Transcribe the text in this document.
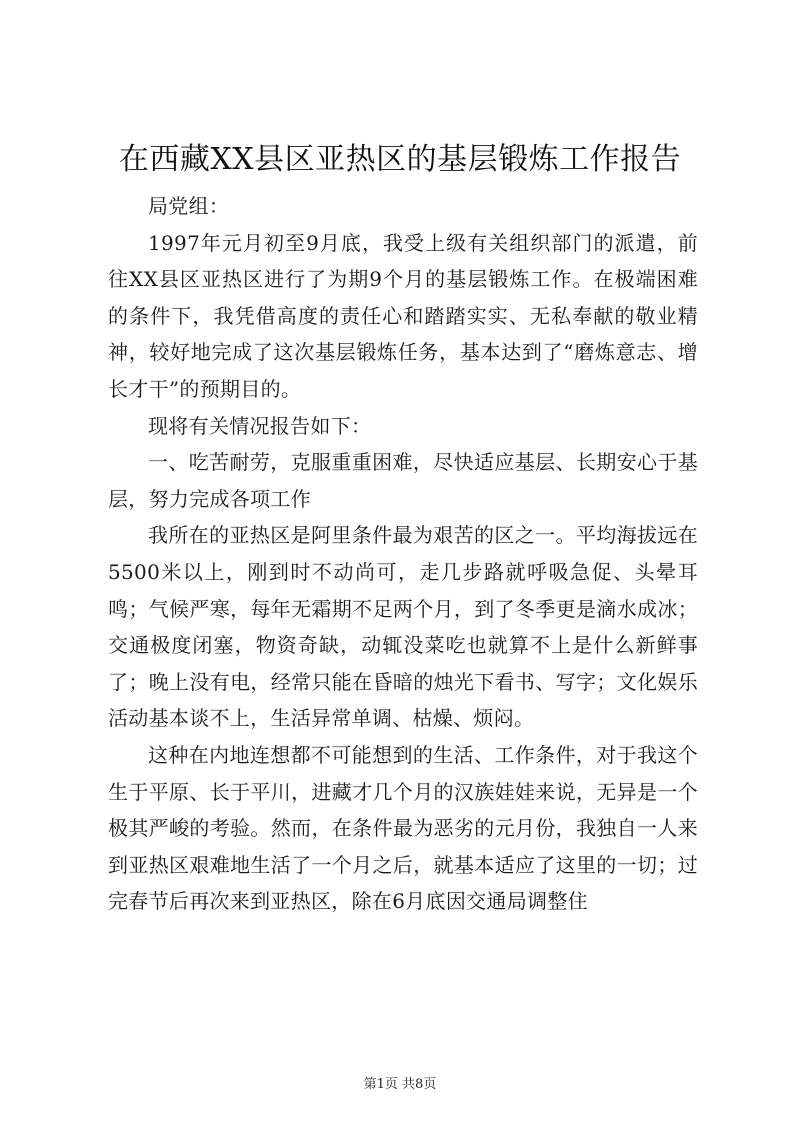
在西藏XX县区亚热区的基层锻炼工作报告

局党组：

1997年元月初至9月底，我受上级有关组织部门的派遣，前往XX县区亚热区进行了为期9个月的基层锻炼工作。在极端困难的条件下，我凭借高度的责任心和踏踏实实、无私奉献的敬业精神，较好地完成了这次基层锻炼任务，基本达到了“磨炼意志、增长才干”的预期目的。

现将有关情况报告如下：

一、吃苦耐劳，克服重重困难，尽快适应基层、长期安心于基层，努力完成各项工作

我所在的亚热区是阿里条件最为艰苦的区之一。平均海拔远在5500米以上，刚到时不动尚可，走几步路就呼吸急促、头晕耳鸣；气候严寒，每年无霜期不足两个月，到了冬季更是滴水成冰；交通极度闭塞，物资奇缺，动辄没菜吃也就算不上是什么新鲜事了；晚上没有电，经常只能在昏暗的烛光下看书、写字；文化娱乐活动基本谈不上，生活异常单调、枯燥、烦闷。

这种在内地连想都不可能想到的生活、工作条件，对于我这个生于平原、长于平川，进藏才几个月的汉族娃娃来说，无异是一个极其严峻的考验。然而，在条件最为恶劣的元月份，我独自一人来到亚热区艰难地生活了一个月之后，就基本适应了这里的一切；过完春节后再次来到亚热区，除在6月底因交通局调整住

第1页 共8页
